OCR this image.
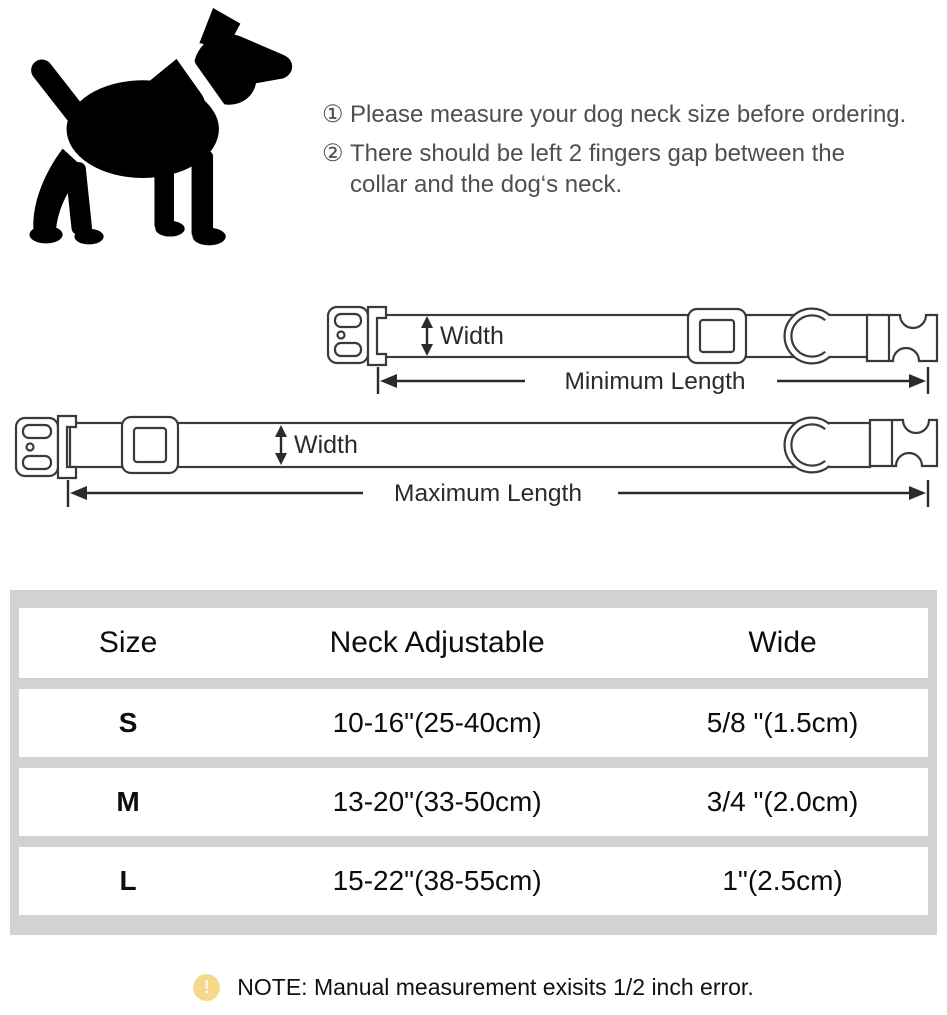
① Please measure your dog neck size before ordering.
② There should be left 2 fingers gap between the
collar and the dog‘s neck.
Width
Minimum Length
Width
Maximum Length
Size	Neck Adjustable	Wide
S	10-16"(25-40cm)	5/8 "(1.5cm)
M	13-20"(33-50cm)	3/4 "(2.0cm)
L	15-22"(38-55cm)	1"(2.5cm)
! NOTE: Manual measurement exisits 1/2 inch error.
